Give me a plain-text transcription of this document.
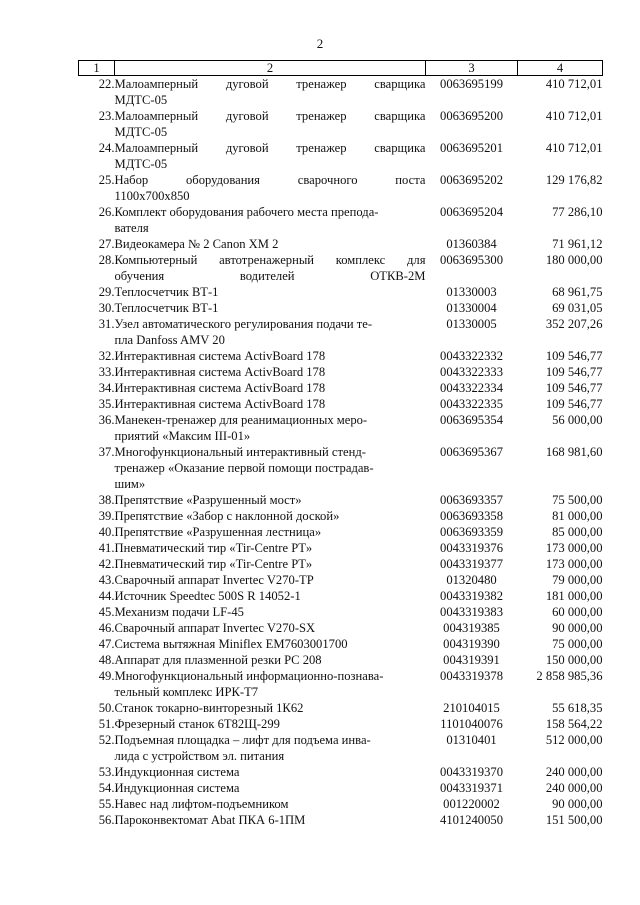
2
1	2	3	4
22.	Малоамперный дуговой тренажер сварщика
МДТС-05	0063695199	410 712,01
23.	Малоамперный дуговой тренажер сварщика
МДТС-05	0063695200	410 712,01
24.	Малоамперный дуговой тренажер сварщика
МДТС-05	0063695201	410 712,01
25.	Набор оборудования сварочного поста
1100х700х850	0063695202	129 176,82
26.	Комплект оборудования рабочего места препода-
вателя	0063695204	77 286,10
27.	Видеокамера № 2 Canon XM 2	01360384	71 961,12
28.	Компьютерный автотренажерный комплекс для
обучения водителей ОТКВ-2М	0063695300	180 000,00
29.	Теплосчетчик ВТ-1	01330003	68 961,75
30.	Теплосчетчик ВТ-1	01330004	69 031,05
31.	Узел автоматического регулирования подачи те-
пла Danfoss AMV 20	01330005	352 207,26
32.	Интерактивная система ActivBoard 178	0043322332	109 546,77
33.	Интерактивная система ActivBoard 178	0043322333	109 546,77
34.	Интерактивная система ActivBoard 178	0043322334	109 546,77
35.	Интерактивная система ActivBoard 178	0043322335	109 546,77
36.	Манекен-тренажер для реанимационных меро-
приятий «Максим III-01»	0063695354	56 000,00
37.	Многофункциональный интерактивный стенд-
тренажер «Оказание первой помощи пострадав-
шим»	0063695367	168 981,60
38.	Препятствие «Разрушенный мост»	0063693357	75 500,00
39.	Препятствие «Забор с наклонной доской»	0063693358	81 000,00
40.	Препятствие «Разрушенная лестница»	0063693359	85 000,00
41.	Пневматический тир «Tir-Centre PT»	0043319376	173 000,00
42.	Пневматический тир «Tir-Centre PT»	0043319377	173 000,00
43.	Сварочный аппарат Invertec V270-TP	01320480	79 000,00
44.	Источник Speedtec 500S R 14052-1	0043319382	181 000,00
45.	Механизм подачи LF-45	0043319383	60 000,00
46.	Сварочный аппарат Invertec V270-SX	004319385	90 000,00
47.	Система вытяжная Miniflex EM7603001700	004319390	75 000,00
48.	Аппарат для плазменной резки PC 208	004319391	150 000,00
49.	Многофункциональный информационно-познава-
тельный комплекс ИРК-Т7	0043319378	2 858 985,36
50.	Станок токарно-винторезный 1К62	210104015	55 618,35
51.	Фрезерный станок 6Т82Щ-299	1101040076	158 564,22
52.	Подъемная площадка – лифт для подъема инва-
лида с устройством эл. питания	01310401	512 000,00
53.	Индукционная система	0043319370	240 000,00
54.	Индукционная система	0043319371	240 000,00
55.	Навес над лифтом-подъемником	001220002	90 000,00
56.	Пароконвектомат Abat ПКА 6-1ПМ	4101240050	151 500,00
